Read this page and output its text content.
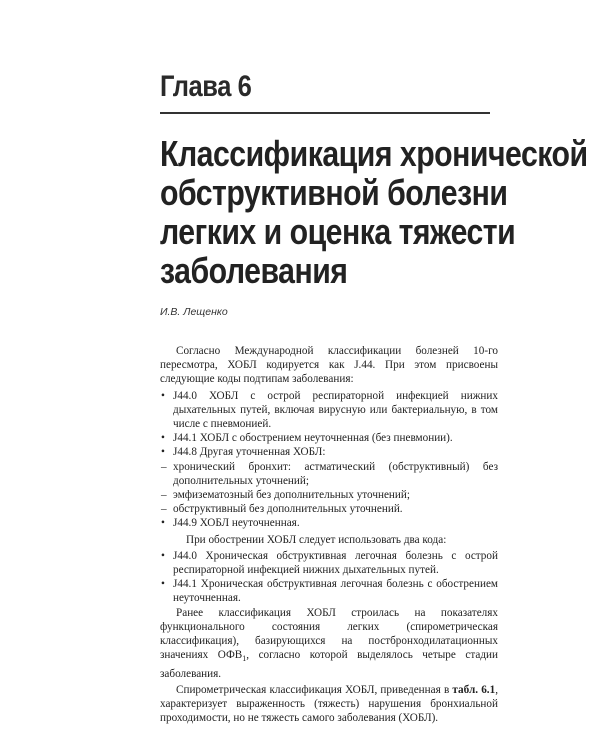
Глава 6
Классификация хронической
обструктивной болезни
легких и оценка тяжести
заболевания
И.В. Лещенко

Согласно Международной классификации болезней 10-го пересмотра, ХОБЛ кодируется как J.44. При этом присвоены следующие коды подтипам заболевания:

• J44.0 ХОБЛ с острой респираторной инфекцией нижних дыхательных путей, включая вирусную или бактериальную, в том числе с пневмонией.
• J44.1 ХОБЛ с обострением неуточненная (без пневмонии).
• J44.8 Другая уточненная ХОБЛ:
– хронический бронхит: астматический (обструктивный) без дополнительных уточнений;
– эмфизематозный без дополнительных уточнений;
– обструктивный без дополнительных уточнений.
• J44.9 ХОБЛ неуточненная.

При обострении ХОБЛ следует использовать два кода:

• J44.0 Хроническая обструктивная легочная болезнь с острой респираторной инфекцией нижних дыхательных путей.
• J44.1 Хроническая обструктивная легочная болезнь с обострением неуточненная.

Ранее классификация ХОБЛ строилась на показателях функционального состояния легких (спирометрическая классификация), базирующихся на постбронходилатационных значениях $ОФВ_1$, согласно которой выделялось четыре стадии заболевания.

Спирометрическая классификация ХОБЛ, приведенная в табл. 6.1, характеризует выраженность (тяжесть) нарушения бронхиальной проходимости, но не тяжесть самого заболевания (ХОБЛ).
